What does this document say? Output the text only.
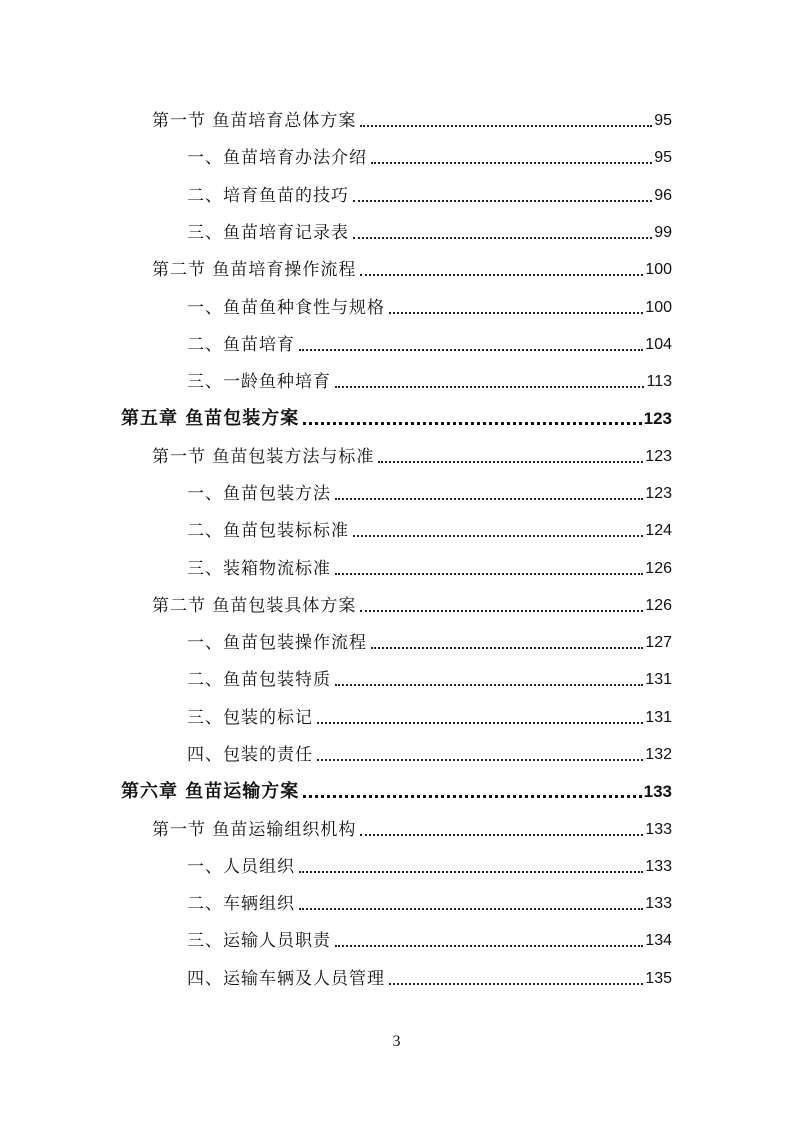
第一节 鱼苗培育总体方案	95
一、鱼苗培育办法介绍	95
二、培育鱼苗的技巧	96
三、鱼苗培育记录表	99
第二节 鱼苗培育操作流程	100
一、鱼苗鱼种食性与规格	100
二、鱼苗培育	104
三、一龄鱼种培育	113
第五章 鱼苗包装方案	123
第一节 鱼苗包装方法与标准	123
一、鱼苗包装方法	123
二、鱼苗包装标标准	124
三、装箱物流标准	126
第二节 鱼苗包装具体方案	126
一、鱼苗包装操作流程	127
二、鱼苗包装特质	131
三、包装的标记	131
四、包装的责任	132
第六章 鱼苗运输方案	133
第一节 鱼苗运输组织机构	133
一、人员组织	133
二、车辆组织	133
三、运输人员职责	134
四、运输车辆及人员管理	135
3
